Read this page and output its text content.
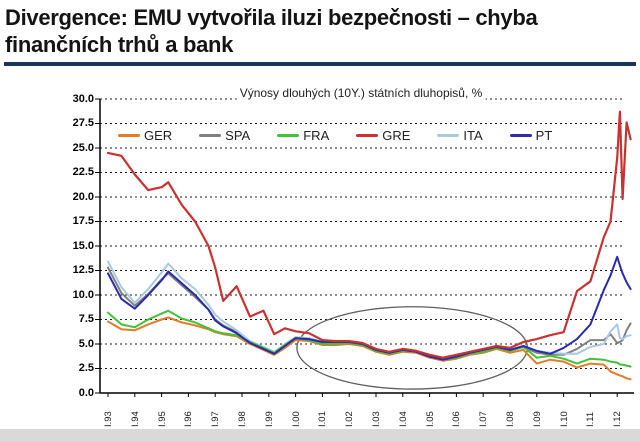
Divergence: EMU vytvořila iluzi bezpečnosti – chyba
finančních trhů a bank
Výnosy dlouhých (10Y.) státních dluhopisů, %
GER	SPA	FRA	GRE	ITA	PT
0.0
2.5
5.0
7.5
10.0
12.5
15.0
17.5
20.0
22.5
25.0
27.5
30.0
I.93 I.94 I.95 I.96 I.97 I.98 I.99 I.00 I.01 I.02 I.03 I.04 I.05 I.06 I.07 I.08 I.09 I.10 I.11 I.12
